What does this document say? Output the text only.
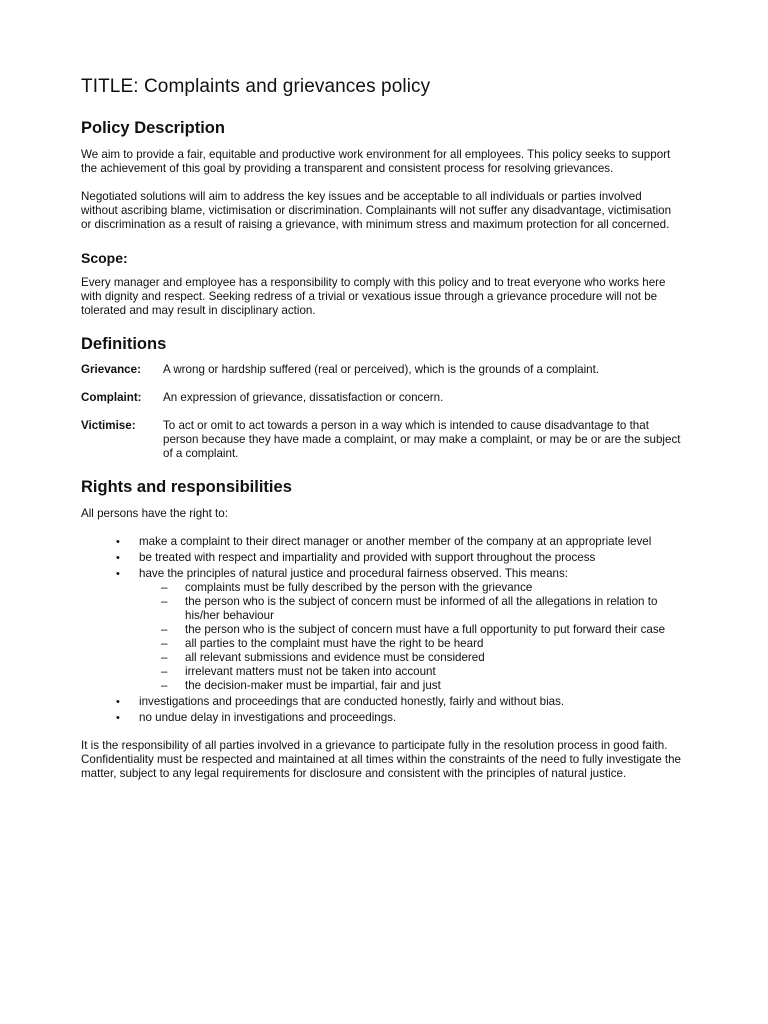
TITLE: Complaints and grievances policy
Policy Description

We aim to provide a fair, equitable and productive work environment for all employees. This policy seeks to support the achievement of this goal by providing a transparent and consistent process for resolving grievances.

Negotiated solutions will aim to address the key issues and be acceptable to all individuals or parties involved without ascribing blame, victimisation or discrimination. Complainants will not suffer any disadvantage, victimisation or discrimination as a result of raising a grievance, with minimum stress and maximum protection for all concerned.

Scope:

Every manager and employee has a responsibility to comply with this policy and to treat everyone who works here with dignity and respect. Seeking redress of a trivial or vexatious issue through a grievance procedure will not be tolerated and may result in disciplinary action.

Definitions
Grievance:	A wrong or hardship suffered (real or perceived), which is the grounds of a complaint.
Complaint:	An expression of grievance, dissatisfaction or concern.
Victimise:	To act or omit to act towards a person in a way which is intended to cause disadvantage to that person because they have made a complaint, or may make a complaint, or may be or are the subject of a complaint.
Rights and responsibilities

All persons have the right to:

• make a complaint to their direct manager or another member of the company at an appropriate level
• be treated with respect and impartiality and provided with support throughout the process
• have the principles of natural justice and procedural fairness observed. This means:
– complaints must be fully described by the person with the grievance
– the person who is the subject of concern must be informed of all the allegations in relation to his/her behaviour
– the person who is the subject of concern must have a full opportunity to put forward their case
– all parties to the complaint must have the right to be heard
– all relevant submissions and evidence must be considered
– irrelevant matters must not be taken into account
– the decision-maker must be impartial, fair and just
• investigations and proceedings that are conducted honestly, fairly and without bias.
• no undue delay in investigations and proceedings.

It is the responsibility of all parties involved in a grievance to participate fully in the resolution process in good faith. Confidentiality must be respected and maintained at all times within the constraints of the need to fully investigate the matter, subject to any legal requirements for disclosure and consistent with the principles of natural justice.
